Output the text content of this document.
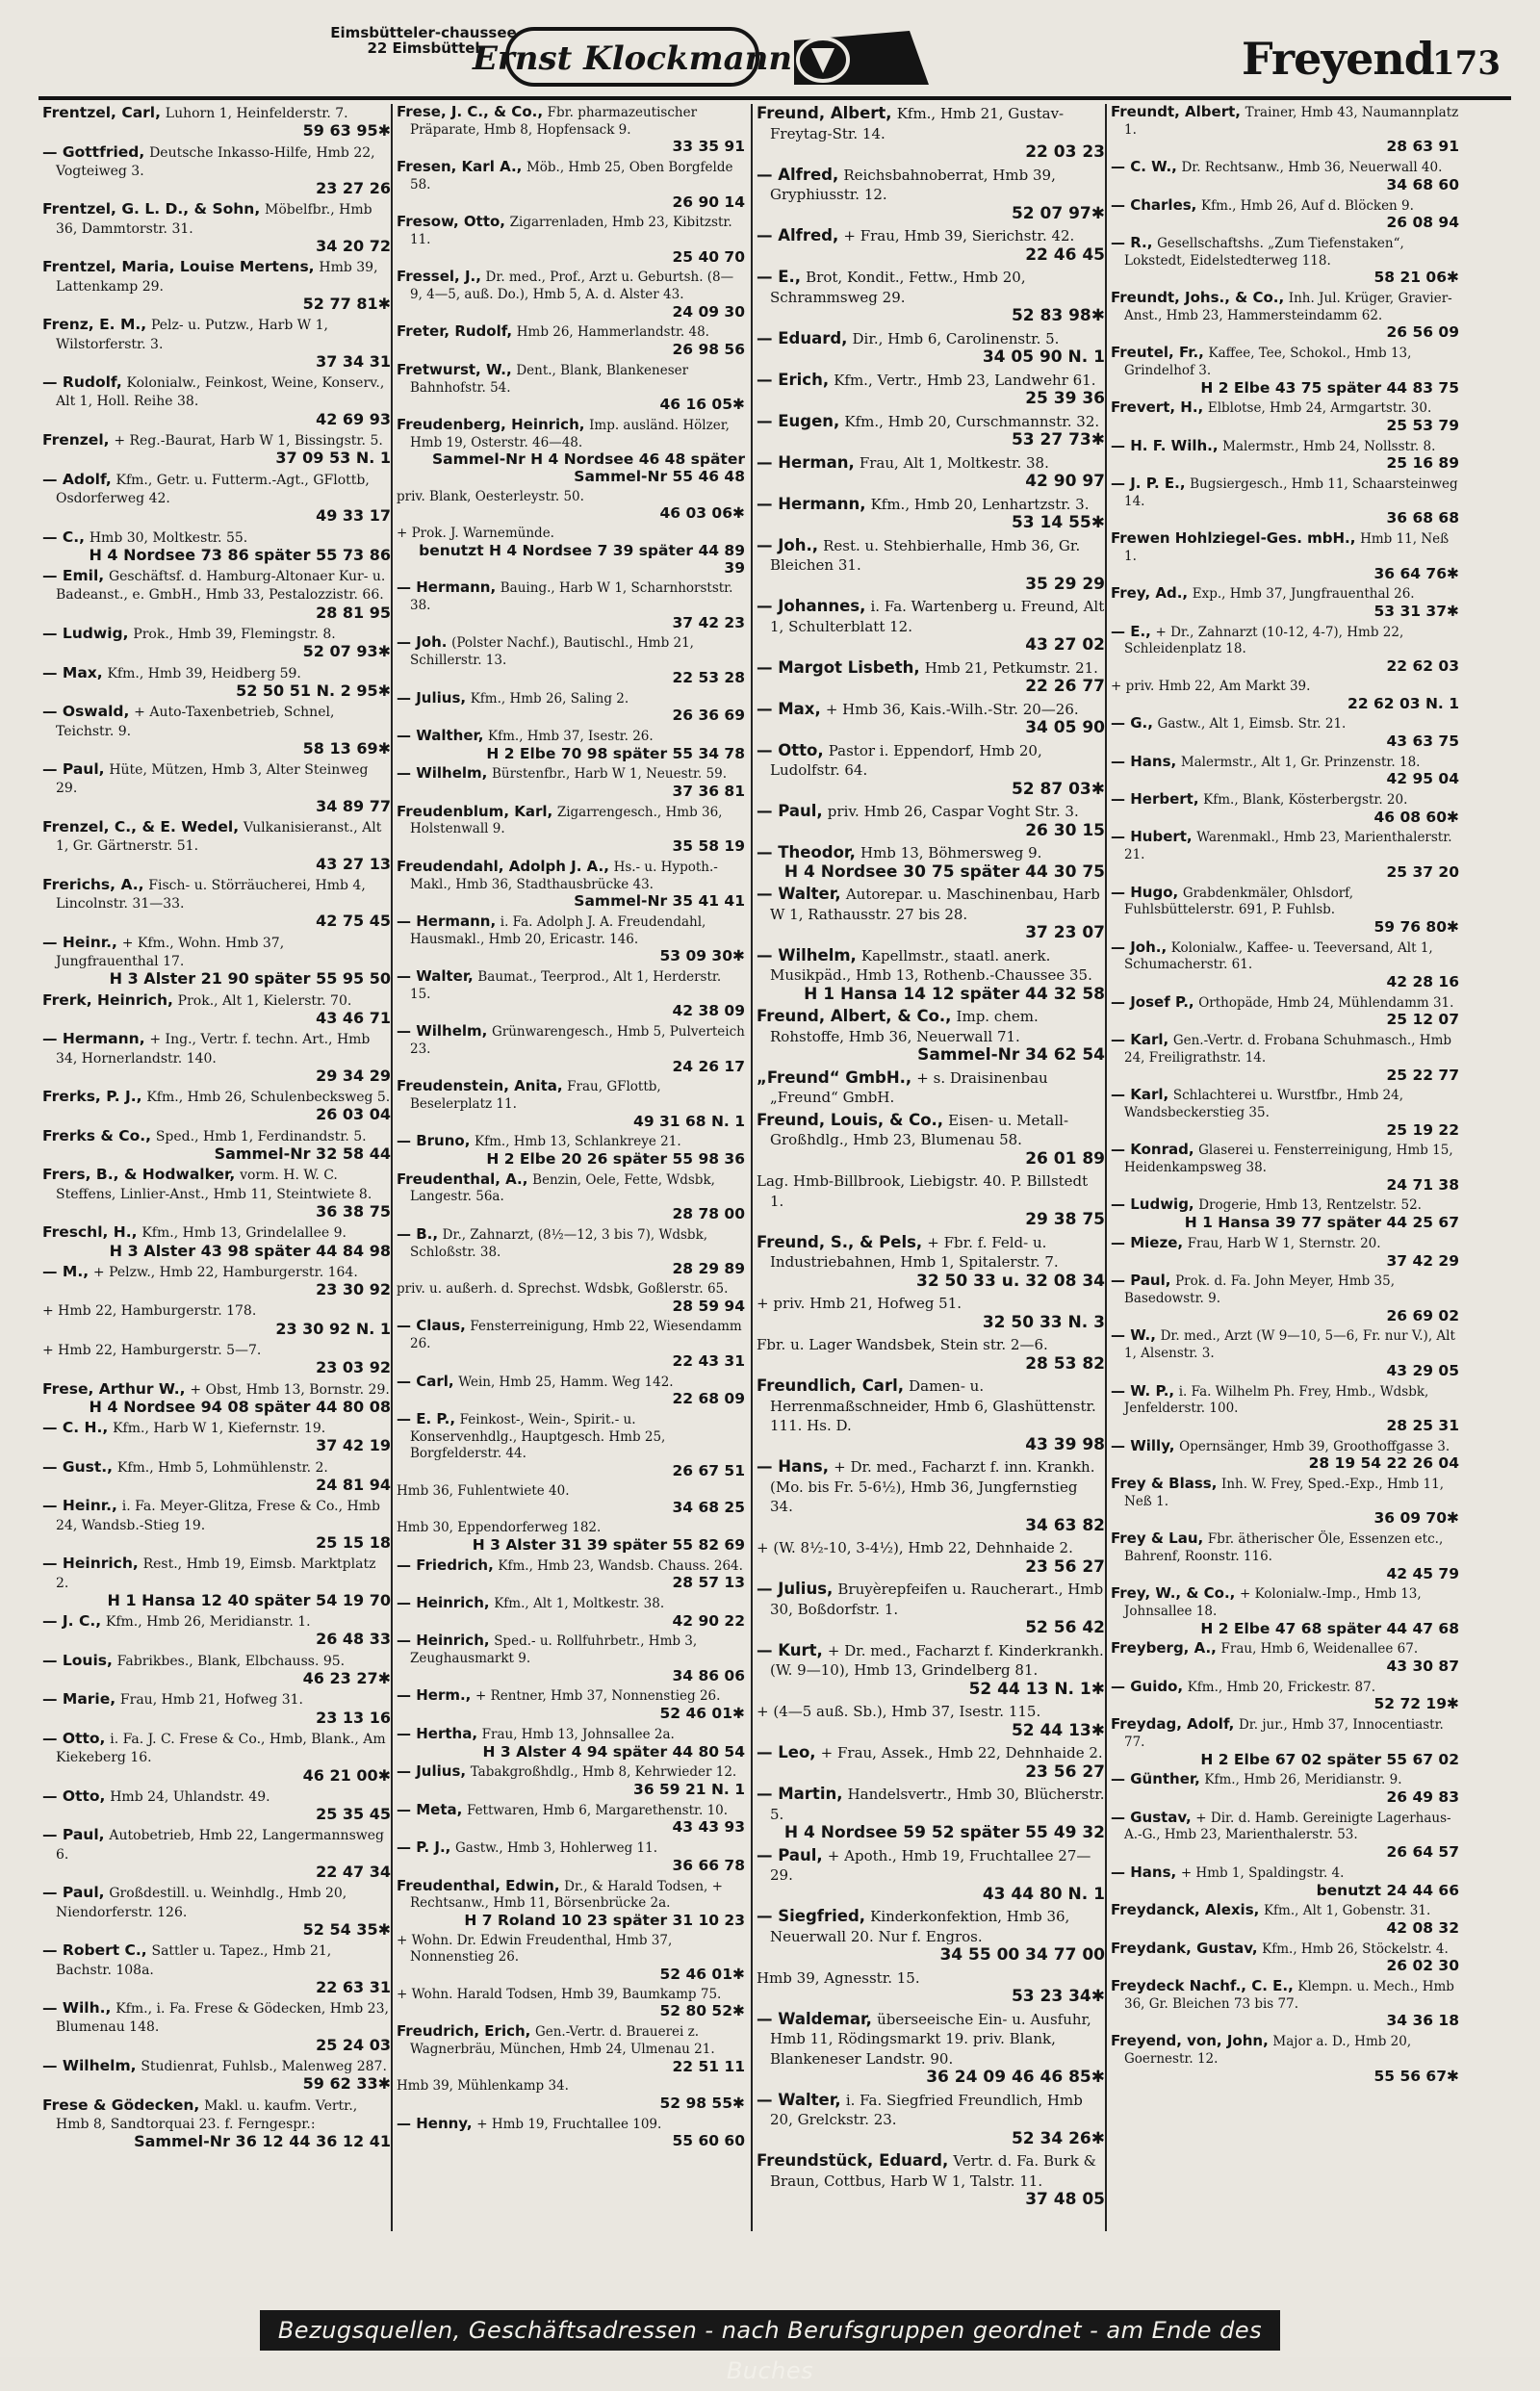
Eimsbütteler-chaussee 22 Eimsbüttel
Ernst Klockmann	Freyend
173
Frentzel, Carl, Luhorn 1, Heinfelderstr. 7.
59 63 95✱
— Gottfried, Deutsche Inkasso-Hilfe, Hmb 22, Vogteiweg 3.
23 27 26
Frentzel, G. L. D., & Sohn, Möbelfbr., Hmb 36, Dammtorstr. 31.
34 20 72
Frentzel, Maria, Louise Mertens, Hmb 39, Lattenkamp 29.
52 77 81✱
Frenz, E. M., Pelz- u. Putzw., Harb W 1, Wilstorferstr. 3.
37 34 31
— Rudolf, Kolonialw., Feinkost, Weine, Konserv., Alt 1, Holl. Reihe 38.
42 69 93
Frenzel, + Reg.-Baurat, Harb W 1, Bissingstr. 5.
37 09 53 N. 1
— Adolf, Kfm., Getr. u. Futterm.-Agt., GFlottb, Osdorferweg 42.
49 33 17
— C., Hmb 30, Moltkestr. 55.
H 4 Nordsee 73 86 später 55 73 86
— Emil, Geschäftsf. d. Hamburg-Altonaer Kur- u. Badeanst., e. GmbH., Hmb 33, Pestalozzistr. 66.
28 81 95
— Ludwig, Prok., Hmb 39, Flemingstr. 8.
52 07 93✱
— Max, Kfm., Hmb 39, Heidberg 59.
52 50 51 N. 2 95✱
— Oswald, + Auto-Taxenbetrieb, Schnel, Teichstr. 9.
58 13 69✱
— Paul, Hüte, Mützen, Hmb 3, Alter Steinweg 29.
34 89 77
Frenzel, C., & E. Wedel, Vulkanisieranst., Alt 1, Gr. Gärtnerstr. 51.
43 27 13
Frerichs, A., Fisch- u. Störräucherei, Hmb 4, Lincolnstr. 31—33.
42 75 45
— Heinr., + Kfm., Wohn. Hmb 37, Jungfrauenthal 17.
H 3 Alster 21 90 später 55 95 50
Frerk, Heinrich, Prok., Alt 1, Kielerstr. 70.
43 46 71
— Hermann, + Ing., Vertr. f. techn. Art., Hmb 34, Hornerlandstr. 140.
29 34 29
Frerks, P. J., Kfm., Hmb 26, Schulenbecksweg 5.
26 03 04
Frerks & Co., Sped., Hmb 1, Ferdinandstr. 5.
Sammel-Nr 32 58 44
Frers, B., & Hodwalker, vorm. H. W. C. Steffens, Linlier-Anst., Hmb 11, Steintwiete 8.
36 38 75
Freschl, H., Kfm., Hmb 13, Grindelallee 9.
H 3 Alster 43 98 später 44 84 98
— M., + Pelzw., Hmb 22, Hamburgerstr. 164.
23 30 92
+ Hmb 22, Hamburgerstr. 178.
23 30 92 N. 1
+ Hmb 22, Hamburgerstr. 5—7.
23 03 92
Frese, Arthur W., + Obst, Hmb 13, Bornstr. 29.
H 4 Nordsee 94 08 später 44 80 08
— C. H., Kfm., Harb W 1, Kiefernstr. 19.
37 42 19
— Gust., Kfm., Hmb 5, Lohmühlenstr. 2.
24 81 94
— Heinr., i. Fa. Meyer-Glitza, Frese & Co., Hmb 24, Wandsb.-Stieg 19.
25 15 18
— Heinrich, Rest., Hmb 19, Eimsb. Marktplatz 2.
H 1 Hansa 12 40 später 54 19 70
— J. C., Kfm., Hmb 26, Meridianstr. 1.
26 48 33
— Louis, Fabrikbes., Blank, Elbchauss. 95.
46 23 27✱
— Marie, Frau, Hmb 21, Hofweg 31.
23 13 16
— Otto, i. Fa. J. C. Frese & Co., Hmb, Blank., Am Kiekeberg 16.
46 21 00✱
— Otto, Hmb 24, Uhlandstr. 49.
25 35 45
— Paul, Autobetrieb, Hmb 22, Langermannsweg 6.
22 47 34
— Paul, Großdestill. u. Weinhdlg., Hmb 20, Niendorferstr. 126.
52 54 35✱
— Robert C., Sattler u. Tapez., Hmb 21, Bachstr. 108a.
22 63 31
— Wilh., Kfm., i. Fa. Frese & Gödecken, Hmb 23, Blumenau 148.
25 24 03
— Wilhelm, Studienrat, Fuhlsb., Malenweg 287.
59 62 33✱
Frese & Gödecken, Makl. u. kaufm. Vertr., Hmb 8, Sandtorquai 23. f. Ferngespr.:
Sammel-Nr 36 12 44 36 12 41
Frese, J. C., & Co., Fbr. pharmazeutischer Präparate, Hmb 8, Hopfensack 9.
33 35 91
Fresen, Karl A., Möb., Hmb 25, Oben Borgfelde 58.
26 90 14
Fresow, Otto, Zigarrenladen, Hmb 23, Kibitzstr. 11.
25 40 70
Fressel, J., Dr. med., Prof., Arzt u. Geburtsh. (8—9, 4—5, auß. Do.), Hmb 5, A. d. Alster 43.
24 09 30
Freter, Rudolf, Hmb 26, Hammerlandstr. 48.
26 98 56
Fretwurst, W., Dent., Blank, Blankeneser Bahnhofstr. 54.
46 16 05✱
Freudenberg, Heinrich, Imp. ausländ. Hölzer, Hmb 19, Osterstr. 46—48.
Sammel-Nr H 4 Nordsee 46 48 später Sammel-Nr 55 46 48
priv. Blank, Oesterleystr. 50.
46 03 06✱
+ Prok. J. Warnemünde.
benutzt H 4 Nordsee 7 39 später 44 89 39
— Hermann, Bauing., Harb W 1, Scharnhorststr. 38.
37 42 23
— Joh. (Polster Nachf.), Bautischl., Hmb 21, Schillerstr. 13.
22 53 28
— Julius, Kfm., Hmb 26, Saling 2.
26 36 69
— Walther, Kfm., Hmb 37, Isestr. 26.
H 2 Elbe 70 98 später 55 34 78
— Wilhelm, Bürstenfbr., Harb W 1, Neuestr. 59.
37 36 81
Freudenblum, Karl, Zigarrengesch., Hmb 36, Holstenwall 9.
35 58 19
Freudendahl, Adolph J. A., Hs.- u. Hypoth.-Makl., Hmb 36, Stadthausbrücke 43.
Sammel-Nr 35 41 41
— Hermann, i. Fa. Adolph J. A. Freudendahl, Hausmakl., Hmb 20, Ericastr. 146.
53 09 30✱
— Walter, Baumat., Teerprod., Alt 1, Herderstr. 15.
42 38 09
— Wilhelm, Grünwarengesch., Hmb 5, Pulverteich 23.
24 26 17
Freudenstein, Anita, Frau, GFlottb, Beselerplatz 11.
49 31 68 N. 1
— Bruno, Kfm., Hmb 13, Schlankreye 21.
H 2 Elbe 20 26 später 55 98 36
Freudenthal, A., Benzin, Oele, Fette, Wdsbk, Langestr. 56a.
28 78 00
— B., Dr., Zahnarzt, (8½—12, 3 bis 7), Wdsbk, Schloßstr. 38.
28 29 89
priv. u. außerh. d. Sprechst. Wdsbk, Goßlerstr. 65.
28 59 94
— Claus, Fensterreinigung, Hmb 22, Wiesendamm 26.
22 43 31
— Carl, Wein, Hmb 25, Hamm. Weg 142.
22 68 09
— E. P., Feinkost-, Wein-, Spirit.- u. Konservenhdlg., Hauptgesch. Hmb 25, Borgfelderstr. 44.
26 67 51
Hmb 36, Fuhlentwiete 40.
34 68 25
Hmb 30, Eppendorferweg 182.
H 3 Alster 31 39 später 55 82 69
— Friedrich, Kfm., Hmb 23, Wandsb. Chauss. 264.
28 57 13
— Heinrich, Kfm., Alt 1, Moltkestr. 38.
42 90 22
— Heinrich, Sped.- u. Rollfuhrbetr., Hmb 3, Zeughausmarkt 9.
34 86 06
— Herm., + Rentner, Hmb 37, Nonnenstieg 26.
52 46 01✱
— Hertha, Frau, Hmb 13, Johnsallee 2a.
H 3 Alster 4 94 später 44 80 54
— Julius, Tabakgroßhdlg., Hmb 8, Kehrwieder 12.
36 59 21 N. 1
— Meta, Fettwaren, Hmb 6, Margarethenstr. 10.
43 43 93
— P. J., Gastw., Hmb 3, Hohlerweg 11.
36 66 78
Freudenthal, Edwin, Dr., & Harald Todsen, + Rechtsanw., Hmb 11, Börsenbrücke 2a.
H 7 Roland 10 23 später 31 10 23
+ Wohn. Dr. Edwin Freudenthal, Hmb 37, Nonnenstieg 26.
52 46 01✱
+ Wohn. Harald Todsen, Hmb 39, Baumkamp 75.
52 80 52✱
Freudrich, Erich, Gen.-Vertr. d. Brauerei z. Wagnerbräu, München, Hmb 24, Ulmenau 21.
22 51 11
Hmb 39, Mühlenkamp 34.
52 98 55✱
— Henny, + Hmb 19, Fruchtallee 109.
55 60 60
Freund, Albert, Kfm., Hmb 21, Gustav-Freytag-Str. 14.
22 03 23
— Alfred, Reichsbahnoberrat, Hmb 39, Gryphiusstr. 12.
52 07 97✱
— Alfred, + Frau, Hmb 39, Sierichstr. 42.
22 46 45
— E., Brot, Kondit., Fettw., Hmb 20, Schrammsweg 29.
52 83 98✱
— Eduard, Dir., Hmb 6, Carolinenstr. 5.
34 05 90 N. 1
— Erich, Kfm., Vertr., Hmb 23, Landwehr 61.
25 39 36
— Eugen, Kfm., Hmb 20, Curschmannstr. 32.
53 27 73✱
— Herman, Frau, Alt 1, Moltkestr. 38.
42 90 97
— Hermann, Kfm., Hmb 20, Lenhartzstr. 3.
53 14 55✱
— Joh., Rest. u. Stehbierhalle, Hmb 36, Gr. Bleichen 31.
35 29 29
— Johannes, i. Fa. Wartenberg u. Freund, Alt 1, Schulterblatt 12.
43 27 02
— Margot Lisbeth, Hmb 21, Petkumstr. 21.
22 26 77
— Max, + Hmb 36, Kais.-Wilh.-Str. 20—26.
34 05 90
— Otto, Pastor i. Eppendorf, Hmb 20, Ludolfstr. 64.
52 87 03✱
— Paul, priv. Hmb 26, Caspar Voght Str. 3.
26 30 15
— Theodor, Hmb 13, Böhmersweg 9.
H 4 Nordsee 30 75 später 44 30 75
— Walter, Autorepar. u. Maschinenbau, Harb W 1, Rathausstr. 27 bis 28.
37 23 07
— Wilhelm, Kapellmstr., staatl. anerk. Musikpäd., Hmb 13, Rothenb.-Chaussee 35.
H 1 Hansa 14 12 später 44 32 58
Freund, Albert, & Co., Imp. chem. Rohstoffe, Hmb 36, Neuerwall 71.
Sammel-Nr 34 62 54
„Freund“ GmbH., + s. Draisinenbau „Freund“ GmbH.
Freund, Louis, & Co., Eisen- u. Metall-Großhdlg., Hmb 23, Blumenau 58.
26 01 89
Lag. Hmb-Billbrook, Liebigstr. 40. P. Billstedt 1.
29 38 75
Freund, S., & Pels, + Fbr. f. Feld- u. Industriebahnen, Hmb 1, Spitalerstr. 7.
32 50 33 u. 32 08 34
+ priv. Hmb 21, Hofweg 51.
32 50 33 N. 3
Fbr. u. Lager Wandsbek, Stein str. 2—6.
28 53 82
Freundlich, Carl, Damen- u. Herrenmaßschneider, Hmb 6, Glashüttenstr. 111. Hs. D.
43 39 98
— Hans, + Dr. med., Facharzt f. inn. Krankh. (Mo. bis Fr. 5-6½), Hmb 36, Jungfernstieg 34.
34 63 82
+ (W. 8½-10, 3-4½), Hmb 22, Dehnhaide 2.
23 56 27
— Julius, Bruyèrepfeifen u. Raucherart., Hmb 30, Boßdorfstr. 1.
52 56 42
— Kurt, + Dr. med., Facharzt f. Kinderkrankh. (W. 9—10), Hmb 13, Grindelberg 81.
52 44 13 N. 1✱
+ (4—5 auß. Sb.), Hmb 37, Isestr. 115.
52 44 13✱
— Leo, + Frau, Assek., Hmb 22, Dehnhaide 2.
23 56 27
— Martin, Handelsvertr., Hmb 30, Blücherstr. 5.
H 4 Nordsee 59 52 später 55 49 32
— Paul, + Apoth., Hmb 19, Fruchtallee 27—29.
43 44 80 N. 1
— Siegfried, Kinderkonfektion, Hmb 36, Neuerwall 20. Nur f. Engros.
34 55 00 34 77 00
Hmb 39, Agnesstr. 15.
53 23 34✱
— Waldemar, überseeische Ein- u. Ausfuhr, Hmb 11, Rödingsmarkt 19. priv. Blank, Blankeneser Landstr. 90.
36 24 09 46 46 85✱
— Walter, i. Fa. Siegfried Freundlich, Hmb 20, Grelckstr. 23.
52 34 26✱
Freundstück, Eduard, Vertr. d. Fa. Burk & Braun, Cottbus, Harb W 1, Talstr. 11.
37 48 05
Freundt, Albert, Trainer, Hmb 43, Naumannplatz 1.
28 63 91
— C. W., Dr. Rechtsanw., Hmb 36, Neuerwall 40.
34 68 60
— Charles, Kfm., Hmb 26, Auf d. Blöcken 9.
26 08 94
— R., Gesellschaftshs. „Zum Tiefenstaken“, Lokstedt, Eidelstedterweg 118.
58 21 06✱
Freundt, Johs., & Co., Inh. Jul. Krüger, Gravier-Anst., Hmb 23, Hammersteindamm 62.
26 56 09
Freutel, Fr., Kaffee, Tee, Schokol., Hmb 13, Grindelhof 3.
H 2 Elbe 43 75 später 44 83 75
Frevert, H., Elblotse, Hmb 24, Armgartstr. 30.
25 53 79
— H. F. Wilh., Malermstr., Hmb 24, Nollsstr. 8.
25 16 89
— J. P. E., Bugsiergesch., Hmb 11, Schaarsteinweg 14.
36 68 68
Frewen Hohlziegel-Ges. mbH., Hmb 11, Neß 1.
36 64 76✱
Frey, Ad., Exp., Hmb 37, Jungfrauenthal 26.
53 31 37✱
— E., + Dr., Zahnarzt (10-12, 4-7), Hmb 22, Schleidenplatz 18.
22 62 03
+ priv. Hmb 22, Am Markt 39.
22 62 03 N. 1
— G., Gastw., Alt 1, Eimsb. Str. 21.
43 63 75
— Hans, Malermstr., Alt 1, Gr. Prinzenstr. 18.
42 95 04
— Herbert, Kfm., Blank, Kösterbergstr. 20.
46 08 60✱
— Hubert, Warenmakl., Hmb 23, Marienthalerstr. 21.
25 37 20
— Hugo, Grabdenkmäler, Ohlsdorf, Fuhlsbüttelerstr. 691, P. Fuhlsb.
59 76 80✱
— Joh., Kolonialw., Kaffee- u. Teeversand, Alt 1, Schumacherstr. 61.
42 28 16
— Josef P., Orthopäde, Hmb 24, Mühlendamm 31.
25 12 07
— Karl, Gen.-Vertr. d. Frobana Schuhmasch., Hmb 24, Freiligrathstr. 14.
25 22 77
— Karl, Schlachterei u. Wurstfbr., Hmb 24, Wandsbeckerstieg 35.
25 19 22
— Konrad, Glaserei u. Fensterreinigung, Hmb 15, Heidenkampsweg 38.
24 71 38
— Ludwig, Drogerie, Hmb 13, Rentzelstr. 52.
H 1 Hansa 39 77 später 44 25 67
— Mieze, Frau, Harb W 1, Sternstr. 20.
37 42 29
— Paul, Prok. d. Fa. John Meyer, Hmb 35, Basedowstr. 9.
26 69 02
— W., Dr. med., Arzt (W 9—10, 5—6, Fr. nur V.), Alt 1, Alsenstr. 3.
43 29 05
— W. P., i. Fa. Wilhelm Ph. Frey, Hmb., Wdsbk, Jenfelderstr. 100.
28 25 31
— Willy, Opernsänger, Hmb 39, Groothoffgasse 3.
28 19 54 22 26 04
Frey & Blass, Inh. W. Frey, Sped.-Exp., Hmb 11, Neß 1.
36 09 70✱
Frey & Lau, Fbr. ätherischer Öle, Essenzen etc., Bahrenf, Roonstr. 116.
42 45 79
Frey, W., & Co., + Kolonialw.-Imp., Hmb 13, Johnsallee 18.
H 2 Elbe 47 68 später 44 47 68
Freyberg, A., Frau, Hmb 6, Weidenallee 67.
43 30 87
— Guido, Kfm., Hmb 20, Frickestr. 87.
52 72 19✱
Freydag, Adolf, Dr. jur., Hmb 37, Innocentiastr. 77.
H 2 Elbe 67 02 später 55 67 02
— Günther, Kfm., Hmb 26, Meridianstr. 9.
26 49 83
— Gustav, + Dir. d. Hamb. Gereinigte Lagerhaus-A.-G., Hmb 23, Marienthalerstr. 53.
26 64 57
— Hans, + Hmb 1, Spaldingstr. 4.
benutzt 24 44 66
Freydanck, Alexis, Kfm., Alt 1, Gobenstr. 31.
42 08 32
Freydank, Gustav, Kfm., Hmb 26, Stöckelstr. 4.
26 02 30
Freydeck Nachf., C. E., Klempn. u. Mech., Hmb 36, Gr. Bleichen 73 bis 77.
34 36 18
Freyend, von, John, Major a. D., Hmb 20, Goernestr. 12.
55 56 67✱
Bezugsquellen, Geschäftsadressen - nach Berufsgruppen geordnet - am Ende des Buches
